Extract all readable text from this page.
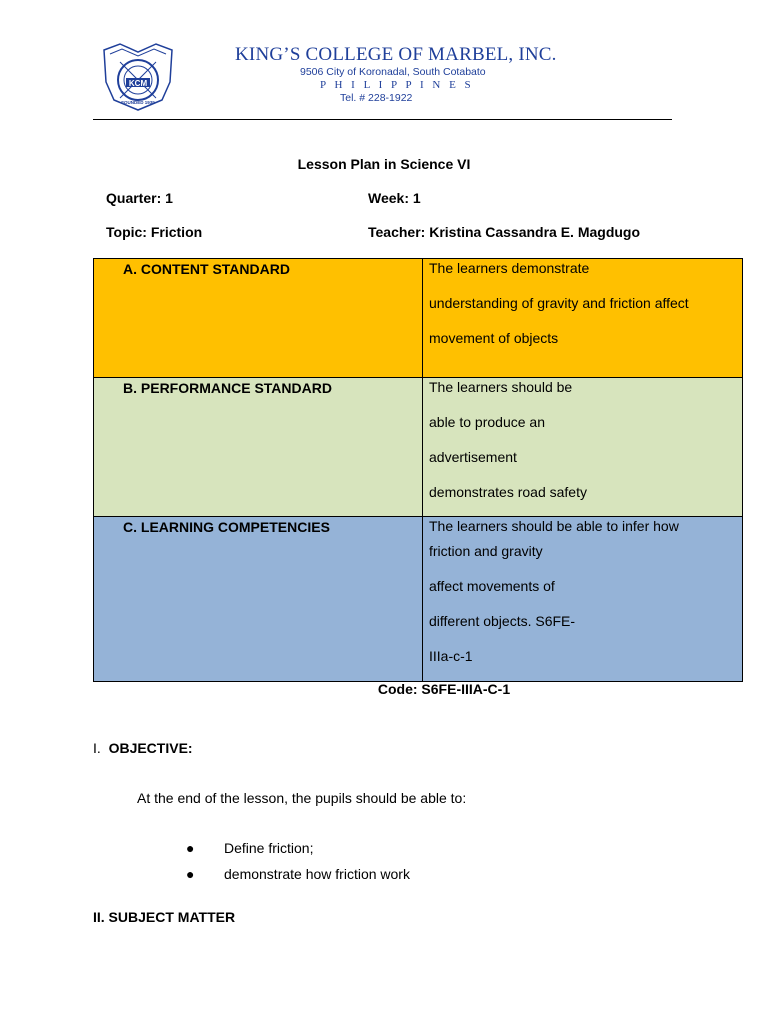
KCM
FOUNDED 1939
KING’S COLLEGE OF MARBEL, INC.
9506 City of Koronadal, South Cotabato
P H I L I P P I N E S
Tel. # 228-1922
Lesson Plan in Science VI
Quarter: 1	Week: 1
Topic: Friction	Teacher: Kristina Cassandra E. Magdugo
A. CONTENT STANDARD	The learners demonstrate
understanding of gravity and friction affect
movement of objects

B. PERFORMANCE STANDARD	The learners should be
able to produce an
advertisement
demonstrates road safety

C. LEARNING COMPETENCIES	The learners should be able to infer how
friction and gravity
affect movements of
different objects. S6FE-
IIIa-c-1
Code: S6FE-IIIA-C-1
I. OBJECTIVE:
At the end of the lesson, the pupils should be able to:
● Define friction;
● demonstrate how friction work
II. SUBJECT MATTER
